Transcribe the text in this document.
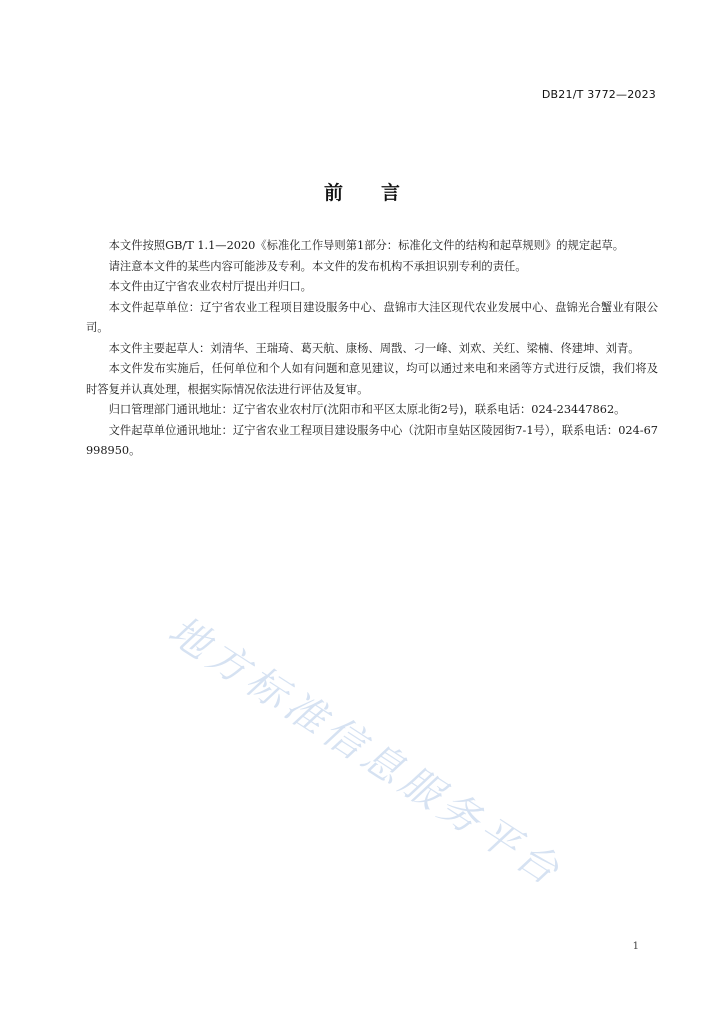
DB21/T 3772—2023
前言

本文件按照GB/T 1.1—2020《标准化工作导则第1部分：标准化文件的结构和起草规则》的规定起草。

请注意本文件的某些内容可能涉及专利。本文件的发布机构不承担识别专利的责任。

本文件由辽宁省农业农村厅提出并归口。

本文件起草单位：辽宁省农业工程项目建设服务中心、盘锦市大洼区现代农业发展中心、盘锦光合蟹业有限公司。

本文件主要起草人：刘清华、王瑞琦、葛天航、康杨、周戬、刁一峰、刘欢、关红、梁楠、佟建坤、刘青。

本文件发布实施后，任何单位和个人如有问题和意见建议，均可以通过来电和来函等方式进行反馈，我们将及时答复并认真处理，根据实际情况依法进行评估及复审。

归口管理部门通讯地址：辽宁省农业农村厅(沈阳市和平区太原北街2号)，联系电话：024-23447862。

文件起草单位通讯地址：辽宁省农业工程项目建设服务中心（沈阳市皇姑区陵园街7-1号），联系电话：024-67998950。

地方标准信息服务平台
1
